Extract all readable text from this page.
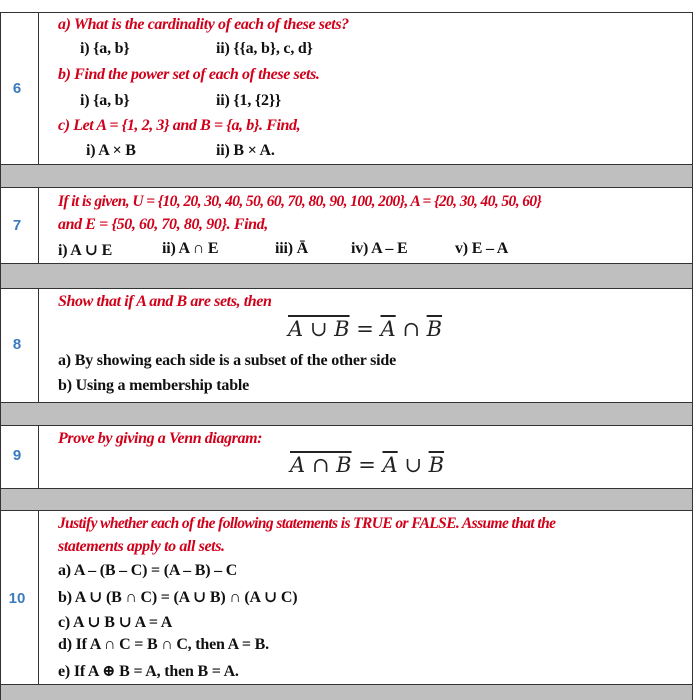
6
a) What is the cardinality of each of these sets?
i) {a, b}	ii) {{a, b}, c, d}
b) Find the power set of each of these sets.
i) {a, b}	ii) {1, {2}}
c) Let A = {1, 2, 3} and B = {a, b}. Find,
i) A × B	ii) B × A.
7
If it is given, U = {10, 20, 30, 40, 50, 60, 70, 80, 90, 100, 200}, A = {20, 30, 40, 50, 60}
and E = {50, 60, 70, 80, 90}. Find,
i) A ∪ E	ii) A ∩ E	iii) Ā	iv) A – E	v) E – A
8
Show that if A and B are sets, then
A ∪ $B = \overline{A}$ ∩ $\overline{B}$
a) By showing each side is a subset of the other side
b) Using a membership table
9
Prove by giving a Venn diagram:
A ∩ $B = \overline{A}$ ∪ $\overline{B}$
10
Justify whether each of the following statements is TRUE or FALSE. Assume that the
statements apply to all sets.
a) A – (B – C) = (A – B) – C
b) A ∪ (B ∩ C) = (A ∪ B) ∩ (A ∪ C)
c) A ∪ B ∪ A = A
d) If A ∩ C = B ∩ C, then A = B.
e) If A ⊕ B = A, then B = A.
